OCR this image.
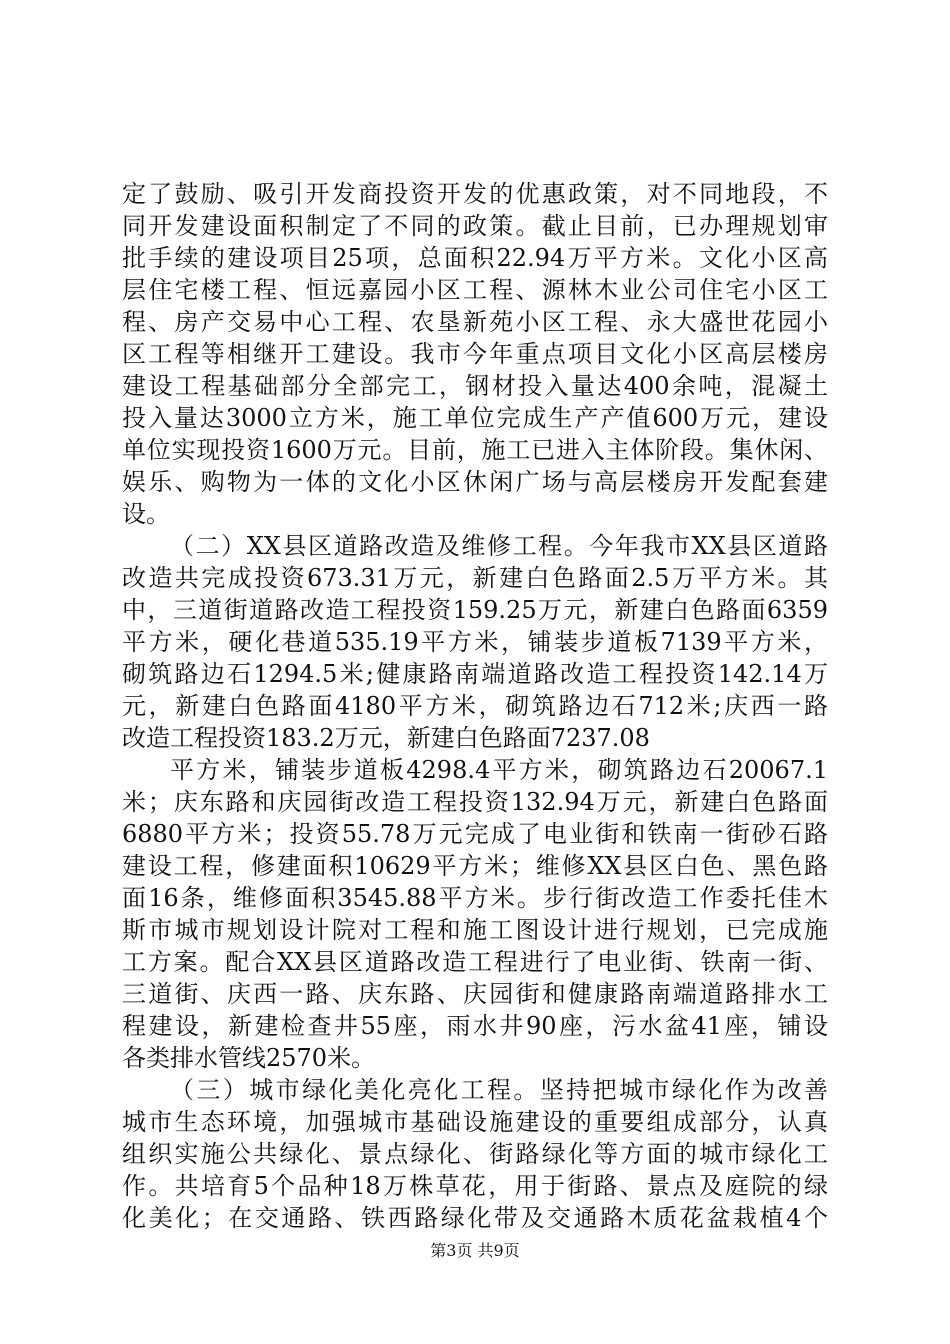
定了鼓励、吸引开发商投资开发的优惠政策，对不同地段，不
同开发建设面积制定了不同的政策。截止目前，已办理规划审
批手续的建设项目25项，总面积22.94万平方米。文化小区高
层住宅楼工程、恒远嘉园小区工程、源林木业公司住宅小区工
程、房产交易中心工程、农垦新苑小区工程、永大盛世花园小
区工程等相继开工建设。我市今年重点项目文化小区高层楼房
建设工程基础部分全部完工，钢材投入量达400余吨，混凝土
投入量达3000立方米，施工单位完成生产产值600万元，建设
单位实现投资1600万元。目前，施工已进入主体阶段。集休闲、
娱乐、购物为一体的文化小区休闲广场与高层楼房开发配套建
设。
（二）XX县区道路改造及维修工程。今年我市XX县区道路
改造共完成投资673.31万元，新建白色路面2.5万平方米。其
中，三道街道路改造工程投资159.25万元，新建白色路面6359
平方米，硬化巷道535.19平方米，铺装步道板7139平方米，
砌筑路边石1294.5米;健康路南端道路改造工程投资142.14万
元，新建白色路面4180平方米，砌筑路边石712米;庆西一路
改造工程投资183.2万元，新建白色路面7237.08
平方米，铺装步道板4298.4平方米，砌筑路边石20067.1
米；庆东路和庆园街改造工程投资132.94万元，新建白色路面
6880平方米；投资55.78万元完成了电业街和铁南一街砂石路
建设工程，修建面积10629平方米；维修XX县区白色、黑色路
面16条，维修面积3545.88平方米。步行街改造工作委托佳木
斯市城市规划设计院对工程和施工图设计进行规划，已完成施
工方案。配合XX县区道路改造工程进行了电业街、铁南一街、
三道街、庆西一路、庆东路、庆园街和健康路南端道路排水工
程建设，新建检查井55座，雨水井90座，污水盆41座，铺设
各类排水管线2570米。
（三）城市绿化美化亮化工程。坚持把城市绿化作为改善
城市生态环境，加强城市基础设施建设的重要组成部分，认真
组织实施公共绿化、景点绿化、街路绿化等方面的城市绿化工
作。共培育5个品种18万株草花，用于街路、景点及庭院的绿
化美化；在交通路、铁西路绿化带及交通路木质花盆栽植4个
第3页 共9页
